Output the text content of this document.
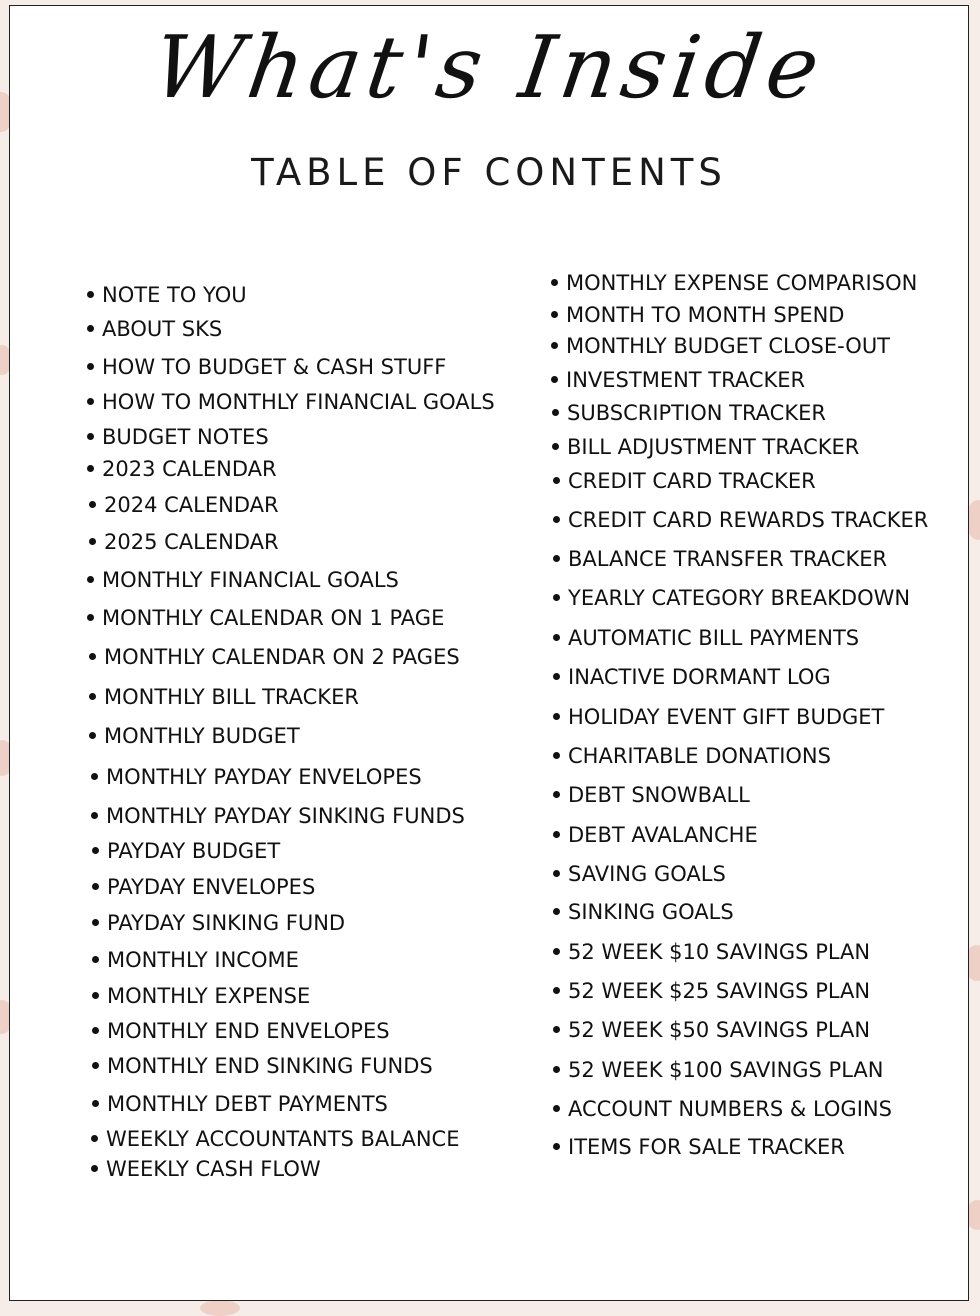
What's Inside
TABLE OF CONTENTS
NOTE TO YOU
ABOUT SKS
HOW TO BUDGET & CASH STUFF
HOW TO MONTHLY FINANCIAL GOALS
BUDGET NOTES
2023 CALENDAR
2024 CALENDAR
2025 CALENDAR
MONTHLY FINANCIAL GOALS
MONTHLY CALENDAR ON 1 PAGE
MONTHLY CALENDAR ON 2 PAGES
MONTHLY BILL TRACKER
MONTHLY BUDGET
MONTHLY PAYDAY ENVELOPES
MONTHLY PAYDAY SINKING FUNDS
PAYDAY BUDGET
PAYDAY ENVELOPES
PAYDAY SINKING FUND
MONTHLY INCOME
MONTHLY EXPENSE
MONTHLY END ENVELOPES
MONTHLY END SINKING FUNDS
MONTHLY DEBT PAYMENTS
WEEKLY ACCOUNTANTS BALANCE
WEEKLY CASH FLOW
MONTHLY EXPENSE COMPARISON
MONTH TO MONTH SPEND
MONTHLY BUDGET CLOSE-OUT
INVESTMENT TRACKER
SUBSCRIPTION TRACKER
BILL ADJUSTMENT TRACKER
CREDIT CARD TRACKER
CREDIT CARD REWARDS TRACKER
BALANCE TRANSFER TRACKER
YEARLY CATEGORY BREAKDOWN
AUTOMATIC BILL PAYMENTS
INACTIVE DORMANT LOG
HOLIDAY EVENT GIFT BUDGET
CHARITABLE DONATIONS
DEBT SNOWBALL
DEBT AVALANCHE
SAVING GOALS
SINKING GOALS
52 WEEK $10 SAVINGS PLAN
52 WEEK $25 SAVINGS PLAN
52 WEEK $50 SAVINGS PLAN
52 WEEK $100 SAVINGS PLAN
ACCOUNT NUMBERS & LOGINS
ITEMS FOR SALE TRACKER
